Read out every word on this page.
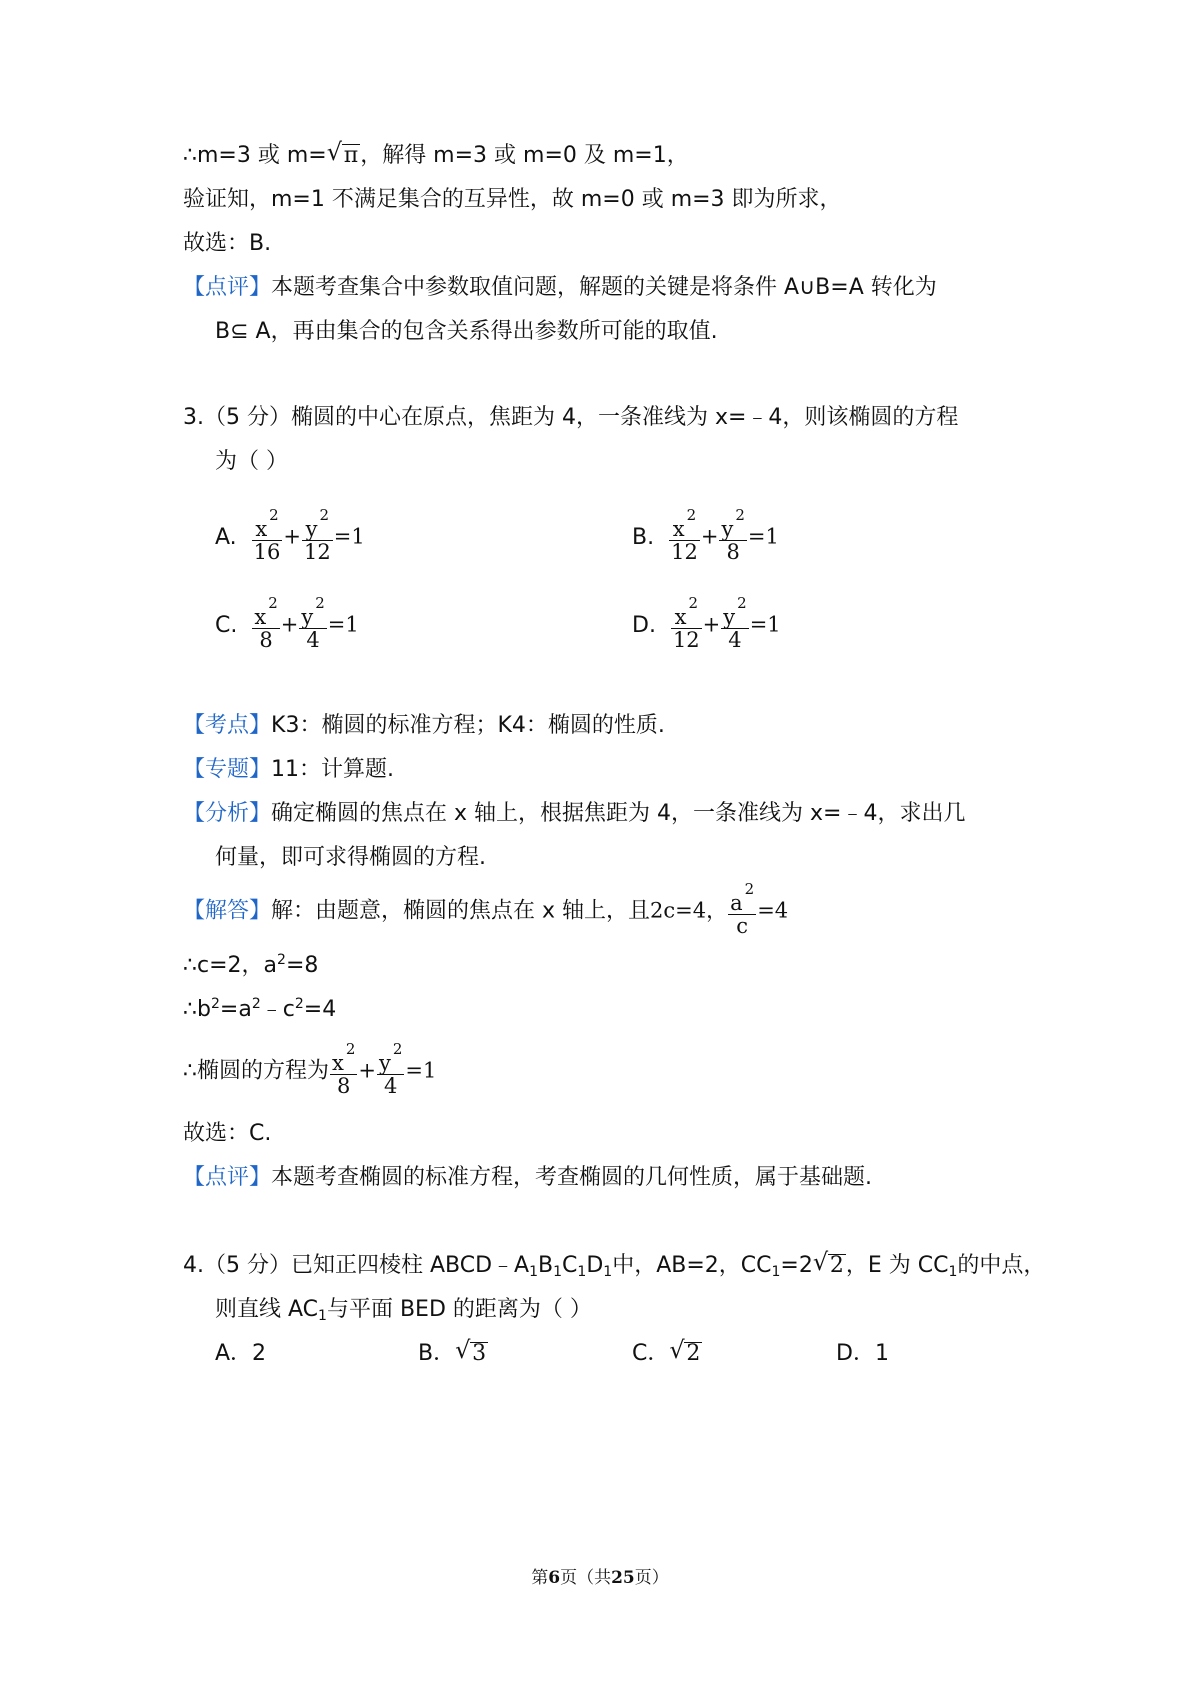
∴m=3 或 m= √ π，解得 m=3 或 m=0 及 m=1，
验证知，m=1 不满足集合的互异性，故 m=0 或 m=3 即为所求，
故选：B.
【点评】本题考查集合中参数取值问题，解题的关键是将条件 A∪B=A 转化为
B⊆ A，再由集合的包含关系得出参数所可能的取值.
3.（5 分）椭圆的中心在原点，焦距为 4，一条准线为 x=﹣4，则该椭圆的方程
为（ ）
A. $\frac{x^2}{16} + \frac{y^2}{12} =1$	B. $\frac{x^2}{12} + \frac{y^2}{8} =1$
C. $\frac{x^2}{8} + \frac{y^2}{4} =1$	D. $\frac{x^2}{12} + \frac{y^2}{4} =1$
【考点】K3：椭圆的标准方程；K4：椭圆的性质.
【专题】11：计算题.
【分析】确定椭圆的焦点在 x 轴上，根据焦距为 4，一条准线为 x=﹣4，求出几
何量，即可求得椭圆的方程.
【解答】解：由题意，椭圆的焦点在 x 轴上，且2c=4， $\frac{a^2}{c} =4$
∴c=2，$a^2=8$
$\therefore b^2=a^2﹣c^2=4$
∴椭圆的方程为 $\frac{x^2}{8} + \frac{y^2}{4} =1$
故选：C.
【点评】本题考查椭圆的标准方程，考查椭圆的几何性质，属于基础题.
4.（5 分）已知正四棱柱 $ABCD﹣A_1B_1C_1D_1$中，AB=2，$CC_1=2$ √ 2，E 为 $CC_1$的中点，
则直线 $AC_1$与平面 BED 的距离为（ ）
A．2	B． √ 3	C． √ 2	D．1
第6页（共25页）
